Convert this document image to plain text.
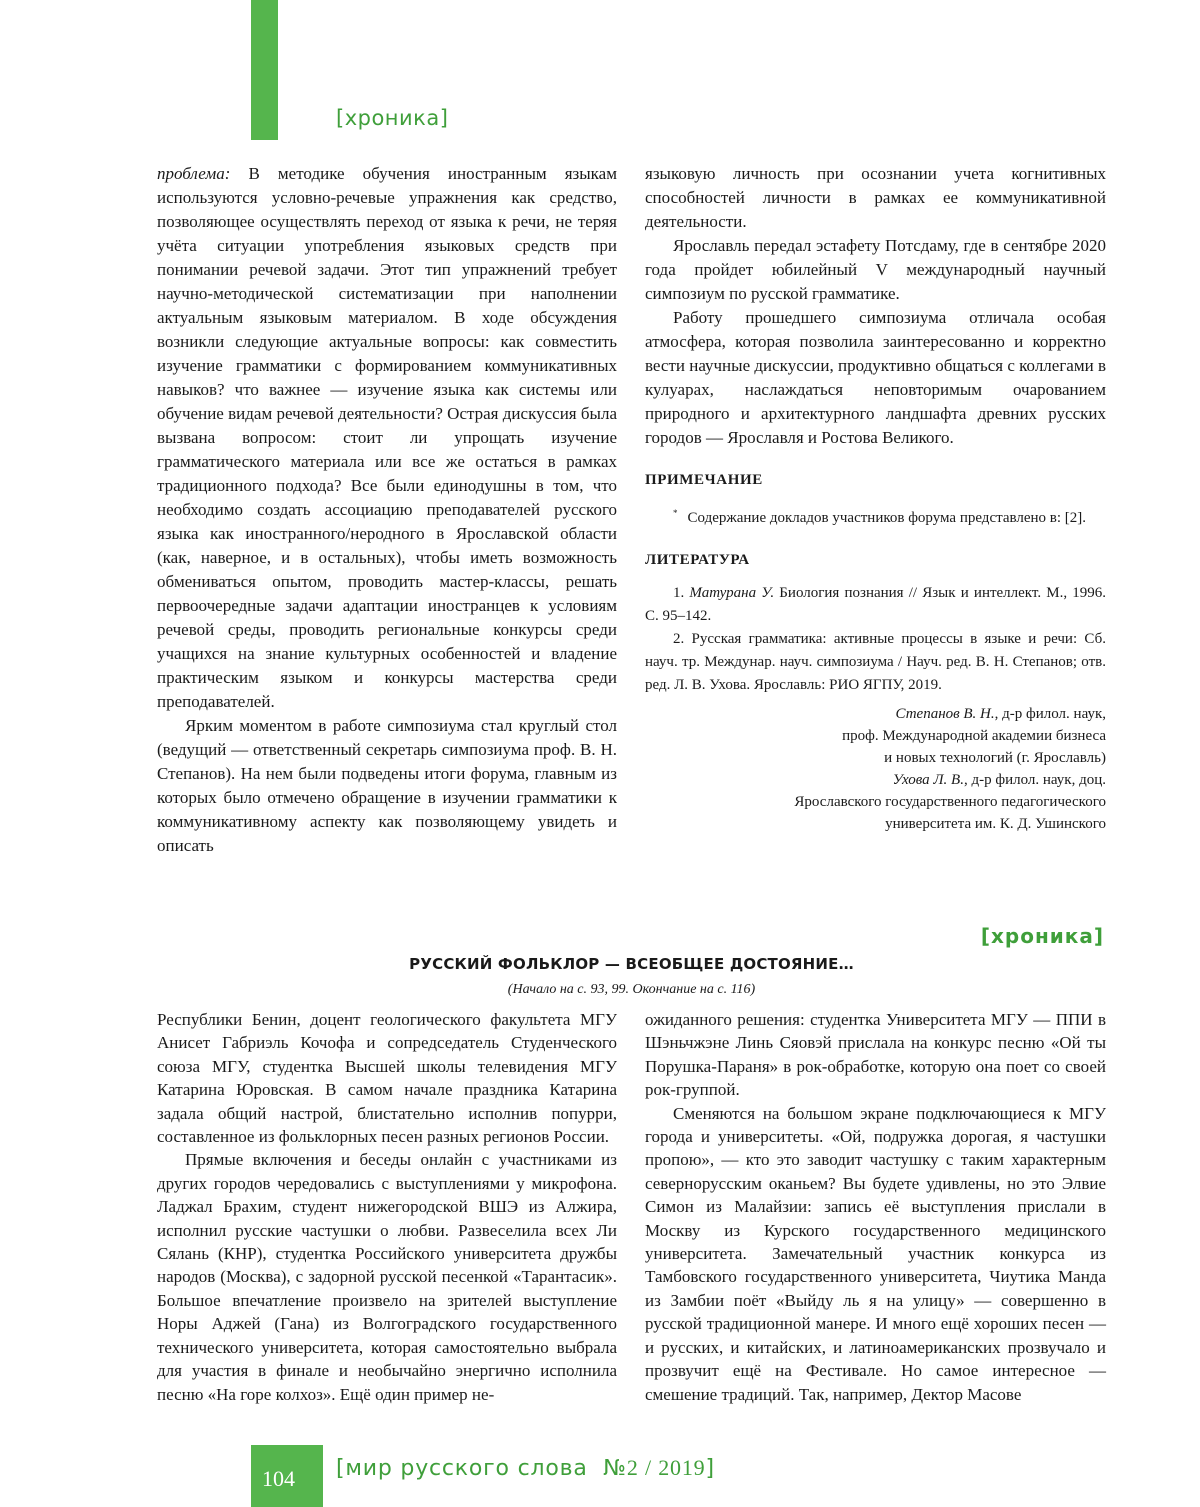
[хроника]

проблема: В методике обучения иностранным языкам используются условно-речевые упражнения как средство, позволяющее осуществлять переход от языка к речи, не теряя учёта ситуации употребления языковых средств при понимании речевой задачи. Этот тип упражнений требует научно-методической систематизации при наполнении актуальным языковым материалом. В ходе обсуждения возникли следующие актуальные вопросы: как совместить изучение грамматики с формированием коммуникативных навыков? что важнее — изучение языка как системы или обучение видам речевой деятельности? Острая дискуссия была вызвана вопросом: стоит ли упрощать изучение грамматического материала или все же остаться в рамках традиционного подхода? Все были единодушны в том, что необходимо создать ассоциацию преподавателей русского языка как иностранного/неродного в Ярославской области (как, наверное, и в остальных), чтобы иметь возможность обмениваться опытом, проводить мастер-классы, решать первоочередные задачи адаптации иностранцев к условиям речевой среды, проводить региональные конкурсы среди учащихся на знание культурных особенностей и владение практическим языком и конкурсы мастерства среди преподавателей.

Ярким моментом в работе симпозиума стал круглый стол (ведущий — ответственный секретарь симпозиума проф. В. Н. Степанов). На нем были подведены итоги форума, главным из которых было отмечено обращение в изучении грамматики к коммуникативному аспекту как позволяющему увидеть и описать

языковую личность при осознании учета когнитивных способностей личности в рамках ее коммуникативной деятельности.

Ярославль передал эстафету Потсдаму, где в сентябре 2020 года пройдет юбилейный V международный научный симпозиум по русской грамматике.

Работу прошедшего симпозиума отличала особая атмосфера, которая позволила заинтересованно и корректно вести научные дискуссии, продуктивно общаться с коллегами в кулуарах, наслаждаться неповторимым очарованием природного и архитектурного ландшафта древних русских городов — Ярославля и Ростова Великого.

ПРИМЕЧАНИЕ

* Содержание докладов участников форума представлено в: [2].

ЛИТЕРАТУРА

1. Матурана У. Биология познания // Язык и интеллект. М., 1996. С. 95–142.

2. Русская грамматика: активные процессы в языке и речи: Сб. науч. тр. Междунар. науч. симпозиума / Науч. ред. В. Н. Степанов; отв. ред. Л. В. Ухова. Ярославль: РИО ЯГПУ, 2019.

Степанов В. Н., д-р филол. наук,
проф. Международной академии бизнеса
и новых технологий (г. Ярославль)
Ухова Л. В., д-р филол. наук, доц.
Ярославского государственного педагогического
университета им. К. Д. Ушинского
[хроника]
РУССКИЙ ФОЛЬКЛОР — ВСЕОБЩЕЕ ДОСТОЯНИЕ…
(Начало на с. 93, 99. Окончание на с. 116)

Республики Бенин, доцент геологического факультета МГУ Анисет Габриэль Кочофа и сопредседатель Студенческого союза МГУ, студентка Высшей школы телевидения МГУ Катарина Юровская. В самом начале праздника Катарина задала общий настрой, блистательно исполнив попурри, составленное из фольклорных песен разных регионов России.

Прямые включения и беседы онлайн с участниками из других городов чередовались с выступлениями у микрофона. Ладжал Брахим, студент нижегородской ВШЭ из Алжира, исполнил русские частушки о любви. Развеселила всех Ли Сялань (КНР), студентка Российского университета дружбы народов (Москва), с задорной русской песенкой «Тарантасик». Большое впечатление произвело на зрителей выступление Норы Аджей (Гана) из Волгоградского государственного технического университета, которая самостоятельно выбрала для участия в финале и необычайно энергично исполнила песню «На горе колхоз». Ещё один пример не-

ожиданного решения: студентка Университета МГУ — ППИ в Шэньчжэне Линь Сяовэй прислала на конкурс песню «Ой ты Порушка-Параня» в рок-обработке, которую она поет со своей рок-группой.

Сменяются на большом экране подключающиеся к МГУ города и университеты. «Ой, подружка дорогая, я частушки пропою», — кто это заводит частушку с таким характерным севернорусским оканьем? Вы будете удивлены, но это Элвие Симон из Малайзии: запись её выступления прислали в Москву из Курского государственного медицинского университета. Замечательный участник конкурса из Тамбовского государственного университета, Чиутика Манда из Замбии поёт «Выйду ль я на улицу» — совершенно в русской традиционной манере. И много ещё хороших песен — и русских, и китайских, и латиноамериканских прозвучало и прозвучит ещё на Фестивале. Но самое интересное — смешение традиций. Так, например, Дектор Масове

104 [мир русского слова №2 / 2019]
